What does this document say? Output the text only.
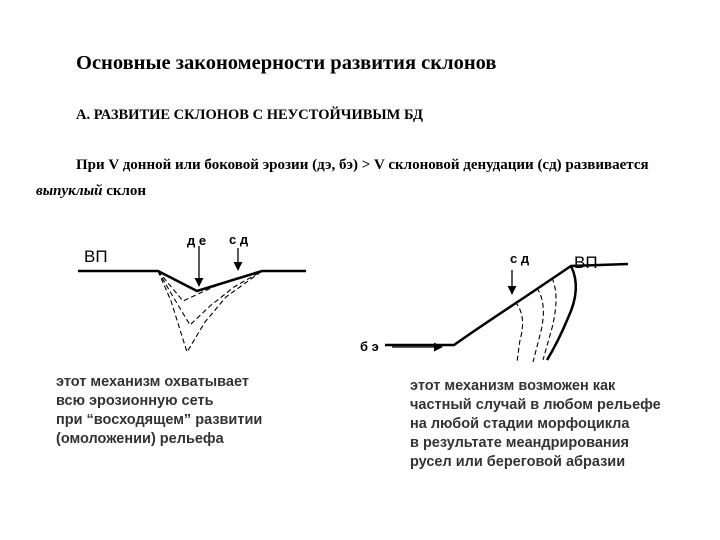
Основные закономерности развития склонов
А. РАЗВИТИЕ СКЛОНОВ С НЕУСТОЙЧИВЫМ БД
При V донной или боковой эрозии (дэ, бэ) > V склоновой денудации (сд) развивается выпуклый склон
ВП
д е с д
с д	ВП
б э
этот механизм охватывает
всю эрозионную сеть
при “восходящем” развитии
(омоложении) рельефа
этот механизм возможен как
частный случай в любом рельефе
на любой стадии морфоцикла
в результате меандрирования
русел или береговой абразии
